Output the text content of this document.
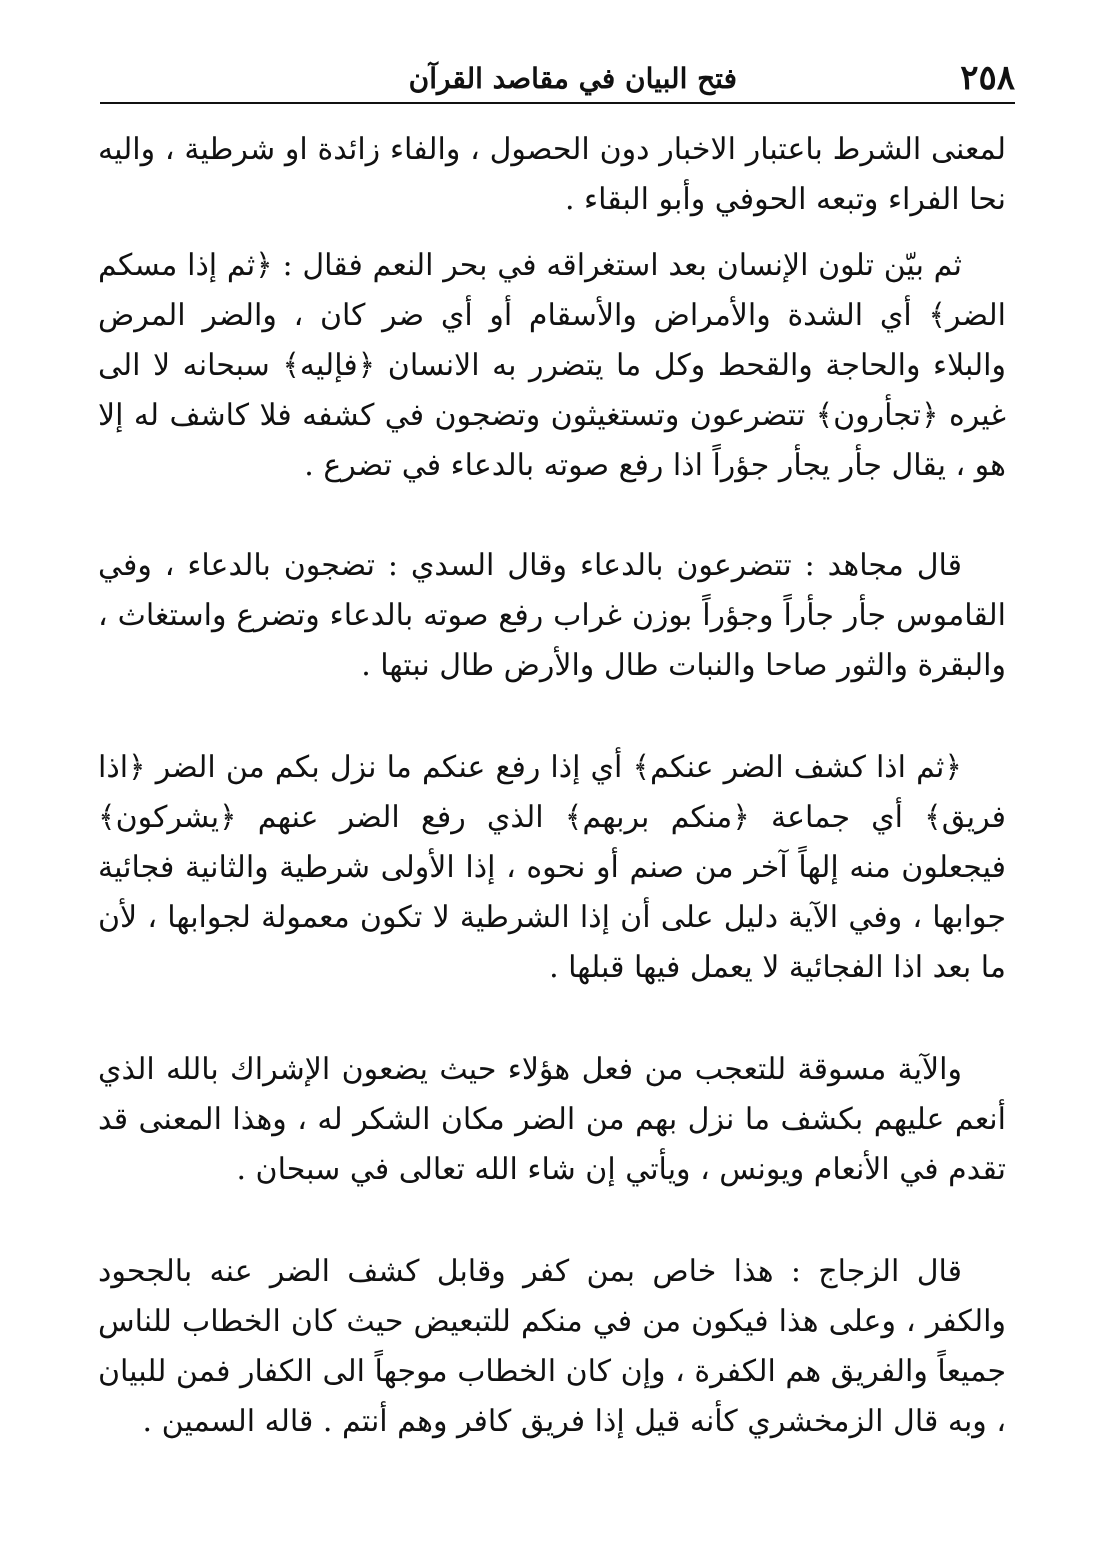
٢٥٨
فتح البيان في مقاصد القرآن

لمعنى الشرط باعتبار الاخبار دون الحصول ، والفاء زائدة او شرطية ، واليه نحا الفراء وتبعه الحوفي وأبو البقاء .

ثم بيّن تلون الإنسان بعد استغراقه في بحر النعم فقال : ﴿ثم إذا مسكم الضر﴾ أي الشدة والأمراض والأسقام أو أي ضر كان ، والضر المرض والبلاء والحاجة والقحط وكل ما يتضرر به الانسان ﴿فإليه﴾ سبحانه لا الى غيره ﴿تجأرون﴾ تتضرعون وتستغيثون وتضجون في كشفه فلا كاشف له إلا هو ، يقال جأر يجأر جؤراً اذا رفع صوته بالدعاء في تضرع .

قال مجاهد : تتضرعون بالدعاء وقال السدي : تضجون بالدعاء ، وفي القاموس جأر جأراً وجؤراً بوزن غراب رفع صوته بالدعاء وتضرع واستغاث ، والبقرة والثور صاحا والنبات طال والأرض طال نبتها .

﴿ثم اذا كشف الضر عنكم﴾ أي إذا رفع عنكم ما نزل بكم من الضر ﴿اذا فريق﴾ أي جماعة ﴿منكم بربهم﴾ الذي رفع الضر عنهم ﴿يشركون﴾ فيجعلون منه إلهاً آخر من صنم أو نحوه ، إذا الأولى شرطية والثانية فجائية جوابها ، وفي الآية دليل على أن إذا الشرطية لا تكون معمولة لجوابها ، لأن ما بعد اذا الفجائية لا يعمل فيها قبلها .

والآية مسوقة للتعجب من فعل هؤلاء حيث يضعون الإشراك بالله الذي أنعم عليهم بكشف ما نزل بهم من الضر مكان الشكر له ، وهذا المعنى قد تقدم في الأنعام ويونس ، ويأتي إن شاء الله تعالى في سبحان .

قال الزجاج : هذا خاص بمن كفر وقابل كشف الضر عنه بالجحود والكفر ، وعلى هذا فيكون من في منكم للتبعيض حيث كان الخطاب للناس جميعاً والفريق هم الكفرة ، وإن كان الخطاب موجهاً الى الكفار فمن للبيان ، وبه قال الزمخشري كأنه قيل إذا فريق كافر وهم أنتم . قاله السمين .
